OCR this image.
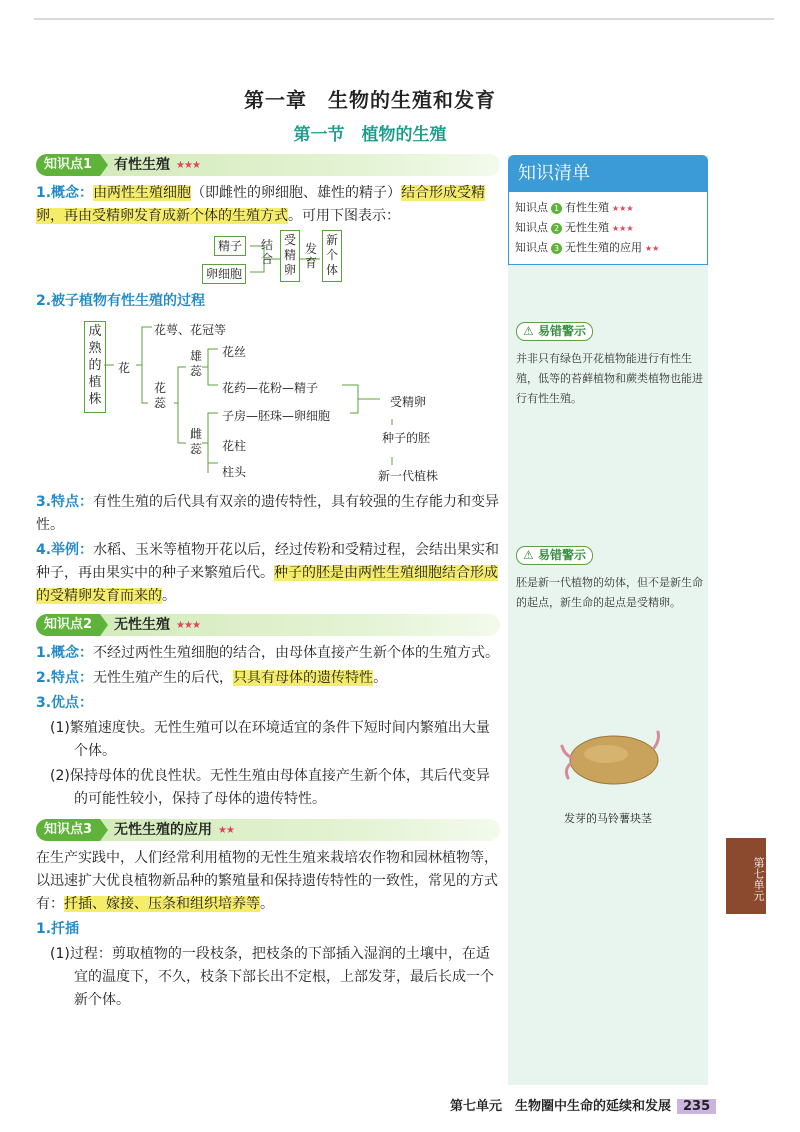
第一章　生物的生殖和发育
第一节　植物的生殖
知识点1	有性生殖 ★★★
1.概念：由两性生殖细胞（即雌性的卵细胞、雄性的精子）结合形成受精卵，再由受精卵发育成新个体的生殖方式。可用下图表示：
精子
卵细胞
结合
受精卵
发育
新个体
2.被子植物有性生殖的过程
成熟的植株
花
花萼、花冠等
花蕊
雄蕊
雌蕊
花丝
花药—花粉—精子
子房—胚珠—卵细胞
花柱
柱头
受精卵
种子的胚
新一代植株
3.特点：有性生殖的后代具有双亲的遗传特性，具有较强的生存能力和变异性。
4.举例：水稻、玉米等植物开花以后，经过传粉和受精过程，会结出果实和种子，再由果实中的种子来繁殖后代。种子的胚是由两性生殖细胞结合形成的受精卵发育而来的。
知识点2	无性生殖 ★★★
1.概念：不经过两性生殖细胞的结合，由母体直接产生新个体的生殖方式。
2.特点：无性生殖产生的后代，只具有母体的遗传特性。
3.优点：
(1)繁殖速度快。无性生殖可以在环境适宜的条件下短时间内繁殖出大量个体。
(2)保持母体的优良性状。无性生殖由母体直接产生新个体，其后代变异的可能性较小，保持了母体的遗传特性。
知识点3	无性生殖的应用 ★★
在生产实践中，人们经常利用植物的无性生殖来栽培农作物和园林植物等，以迅速扩大优良植物新品种的繁殖量和保持遗传特性的一致性，常见的方式有：扦插、嫁接、压条和组织培养等。
1.扦插
(1)过程：剪取植物的一段枝条，把枝条的下部插入湿润的土壤中，在适宜的温度下，不久，枝条下部长出不定根，上部发芽，最后长成一个新个体。
知识清单
知识点 1 有性生殖 ★★★
知识点 2 无性生殖 ★★★
知识点 3 无性生殖的应用 ★★
⚠ 易错警示
并非只有绿色开花植物能进行有性生殖，低等的苔藓植物和蕨类植物也能进行有性生殖。
⚠ 易错警示
胚是新一代植物的幼体，但不是新生命的起点，新生命的起点是受精卵。
发芽的马铃薯块茎
第七单元
第七单元　生物圈中生命的延续和发展 235
